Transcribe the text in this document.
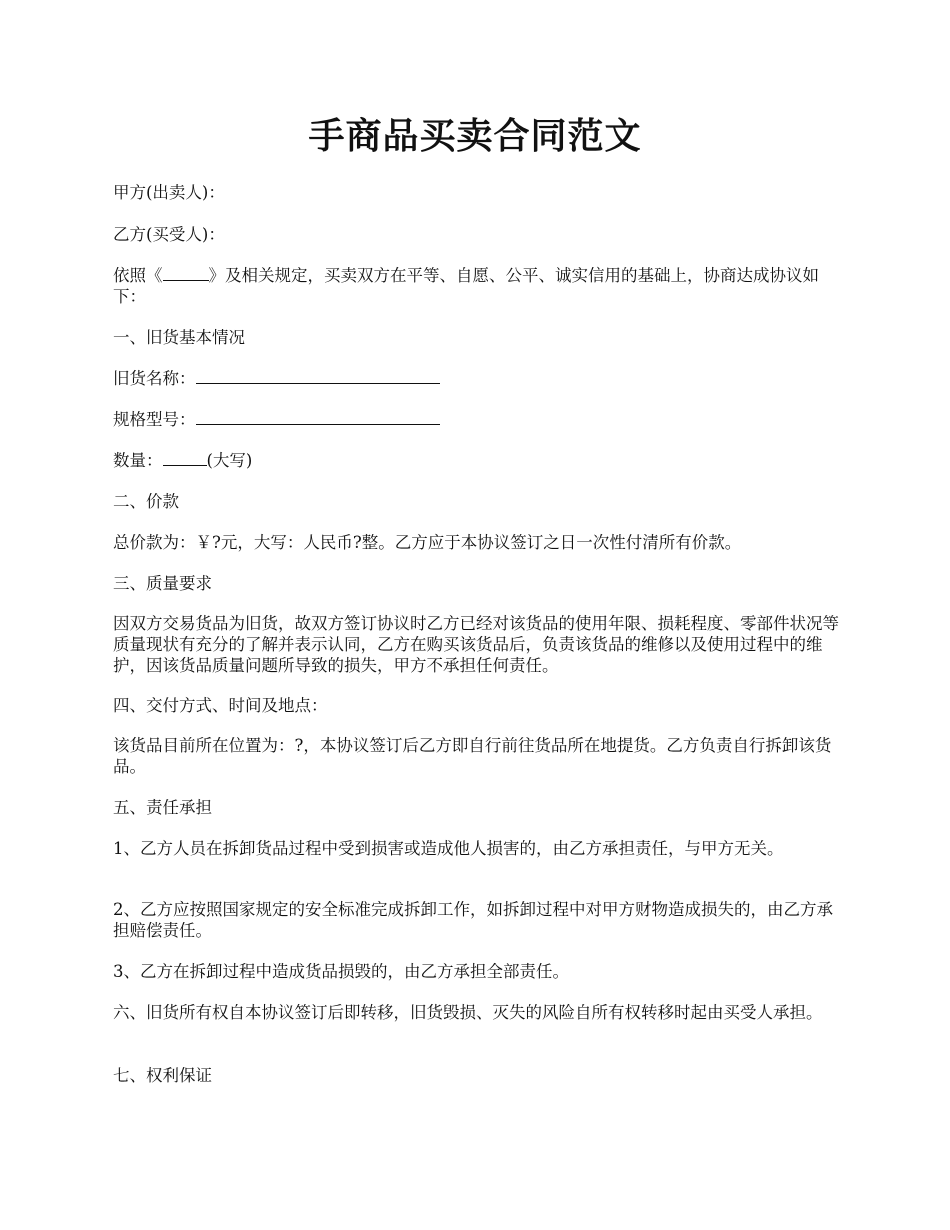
手商品买卖合同范文

甲方(出卖人)：

乙方(买受人)：

依照《	》及相关规定，买卖双方在平等、自愿、公平、诚实信用的基础上，协商达成协议如下：

一、旧货基本情况

旧货名称：

规格型号：

数量：	(大写)

二、价款

总价款为：￥?元，大写：人民币?整。乙方应于本协议签订之日一次性付清所有价款。

三、质量要求

因双方交易货品为旧货，故双方签订协议时乙方已经对该货品的使用年限、损耗程度、零部件状况等质量现状有充分的了解并表示认同，乙方在购买该货品后，负责该货品的维修以及使用过程中的维护，因该货品质量问题所导致的损失，甲方不承担任何责任。

四、交付方式、时间及地点：

该货品目前所在位置为：?，本协议签订后乙方即自行前往货品所在地提货。乙方负责自行拆卸该货品。

五、责任承担

1、乙方人员在拆卸货品过程中受到损害或造成他人损害的，由乙方承担责任，与甲方无关。

2、乙方应按照国家规定的安全标准完成拆卸工作，如拆卸过程中对甲方财物造成损失的，由乙方承担赔偿责任。

3、乙方在拆卸过程中造成货品损毁的，由乙方承担全部责任。

六、旧货所有权自本协议签订后即转移，旧货毁损、灭失的风险自所有权转移时起由买受人承担。

七、权利保证
